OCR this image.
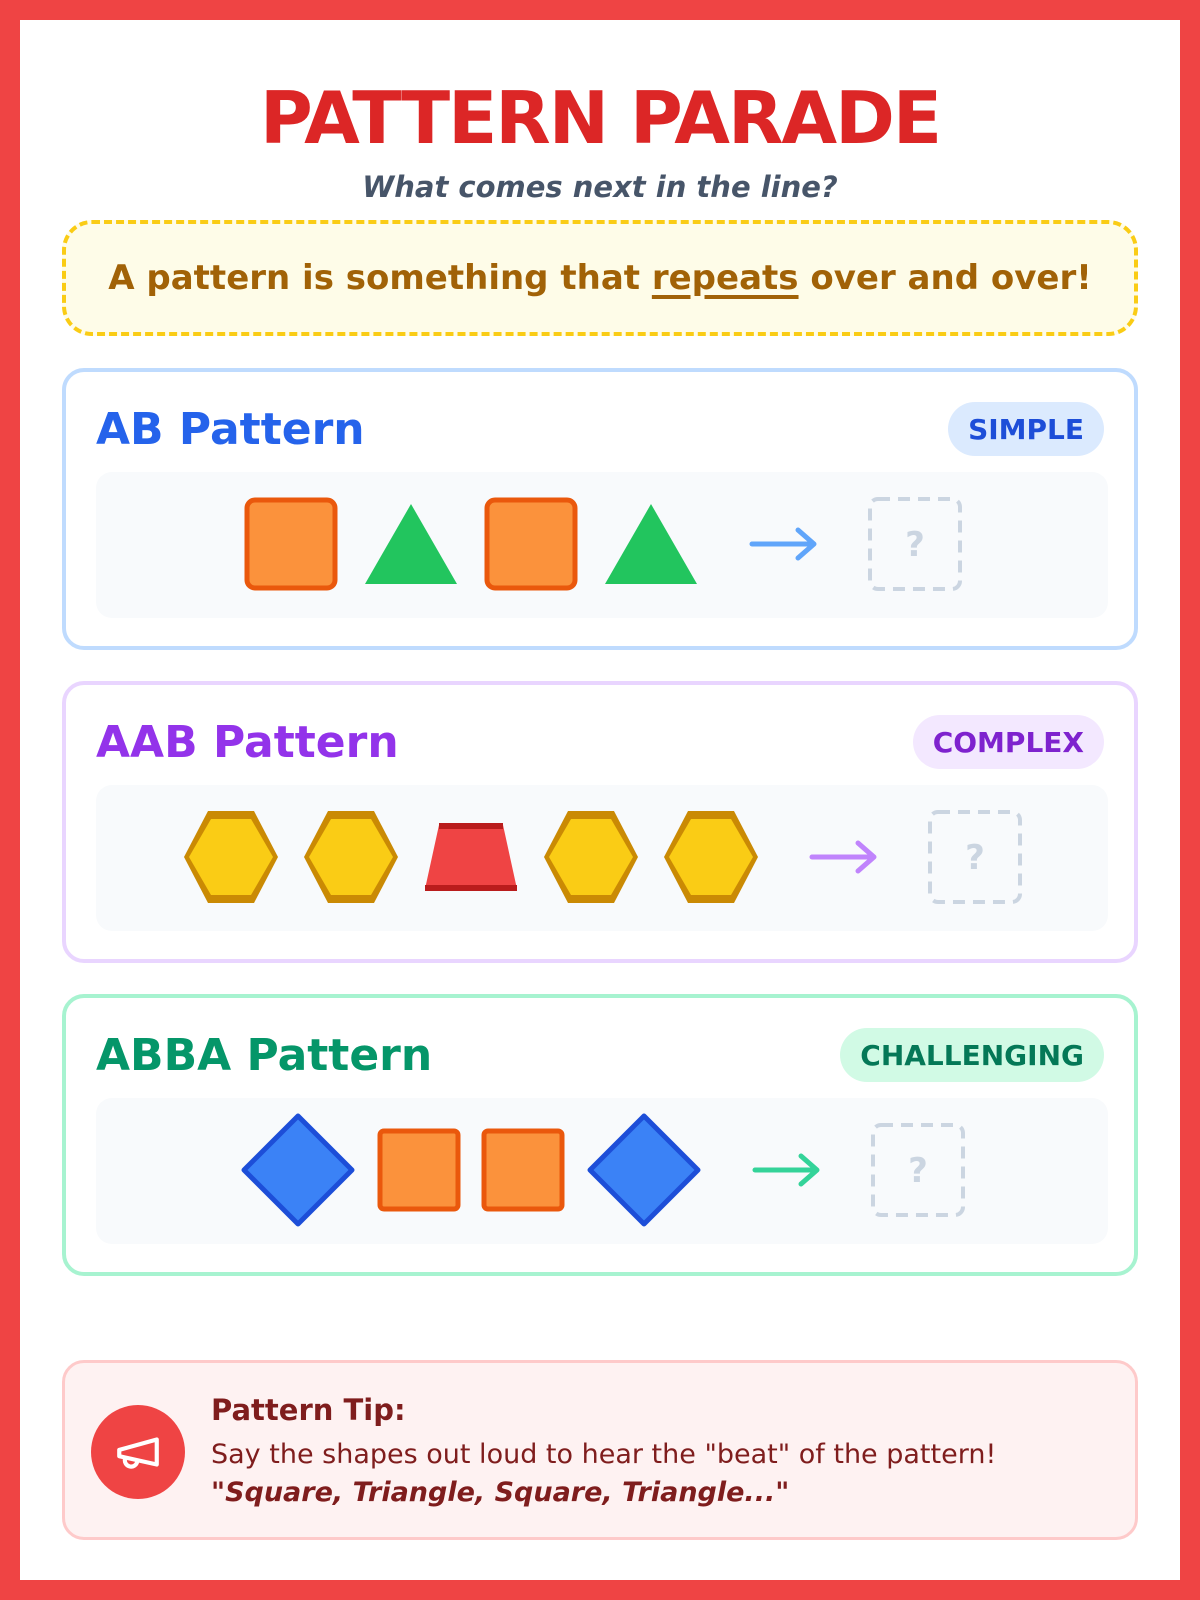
PATTERN PARADE
What comes next in the line?
A pattern is something that repeats over and over!
AB Pattern	SIMPLE
?
AAB Pattern	COMPLEX
?
ABBA Pattern	CHALLENGING
?
Pattern Tip:
Say the shapes out loud to hear the "beat" of the pattern!
"Square, Triangle, Square, Triangle..."
